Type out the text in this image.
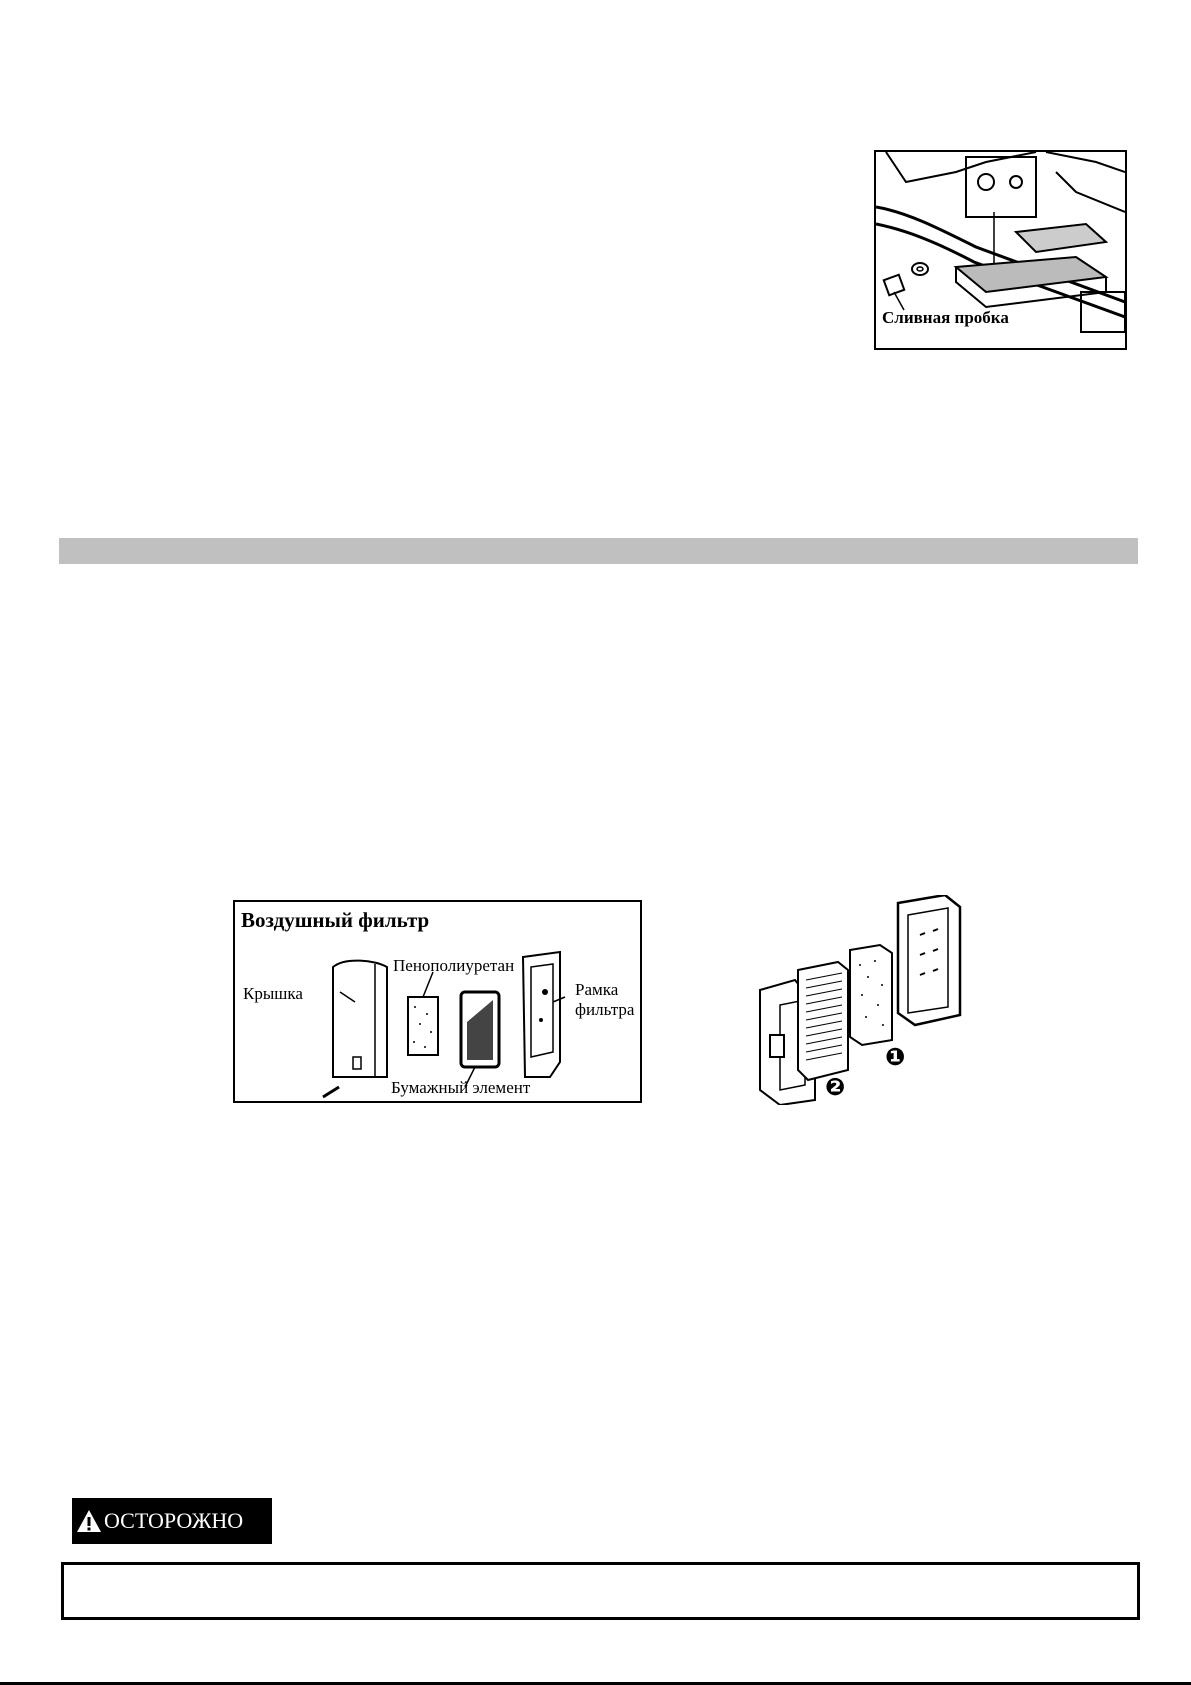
Сливная пробка
Воздушный фильтр
Крышка
Пенополиуретан
Рамка
фильтра
Бумажный элемент
❶
❷
ОСТОРОЖНО
